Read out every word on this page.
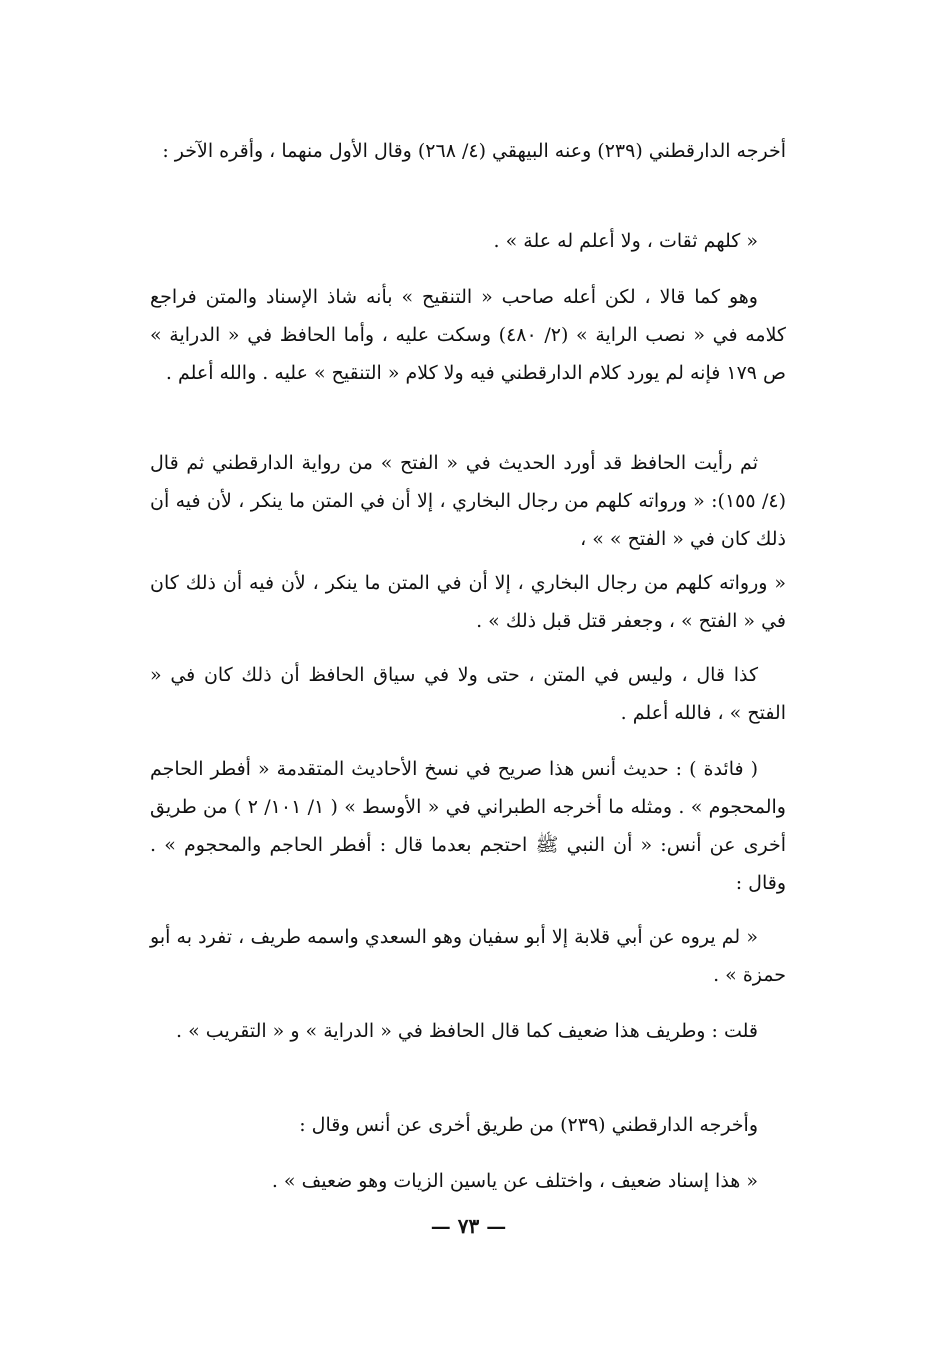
أخرجه الدارقطني (٢٣٩) وعنه البيهقي (٤/ ٢٦٨) وقال الأول منهما ، وأقره الآخر :

« كلهم ثقات ، ولا أعلم له علة » .

وهو كما قالا ، لكن أعله صاحب « التنقيح » بأنه شاذ الإسناد والمتن فراجع كلامه في « نصب الراية » (٢/ ٤٨٠) وسكت عليه ، وأما الحافظ في « الدراية » ص ١٧٩ فإنه لم يورد كلام الدارقطني فيه ولا كلام « التنقيح » عليه . والله أعلم .

ثم رأيت الحافظ قد أورد الحديث في « الفتح » من رواية الدارقطني ثم قال (٤/ ١٥٥): « ورواته كلهم من رجال البخاري ، إلا أن في المتن ما ينكر ، لأن فيه أن ذلك كان في « الفتح » » ،

« ورواته كلهم من رجال البخاري ، إلا أن في المتن ما ينكر ، لأن فيه أن ذلك كان في « الفتح » ، وجعفر قتل قبل ذلك » .

كذا قال ، وليس في المتن ، حتى ولا في سياق الحافظ أن ذلك كان في « الفتح » ، فالله أعلم .

( فائدة ) : حديث أنس هذا صريح في نسخ الأحاديث المتقدمة « أفطر الحاجم والمحجوم » . ومثله ما أخرجه الطبراني في « الأوسط » ( ١/ ١٠١/ ٢ ) من طريق أخرى عن أنس: « أن النبي ﷺ احتجم بعدما قال : أفطر الحاجم والمحجوم » . وقال :

« لم يروه عن أبي قلابة إلا أبو سفيان وهو السعدي واسمه طريف ، تفرد به أبو حمزة » .

قلت : وطريف هذا ضعيف كما قال الحافظ في « الدراية » و « التقريب » .

وأخرجه الدارقطني (٢٣٩) من طريق أخرى عن أنس وقال :

« هذا إسناد ضعيف ، واختلف عن ياسين الزيات وهو ضعيف » .

— ٧٣ —
